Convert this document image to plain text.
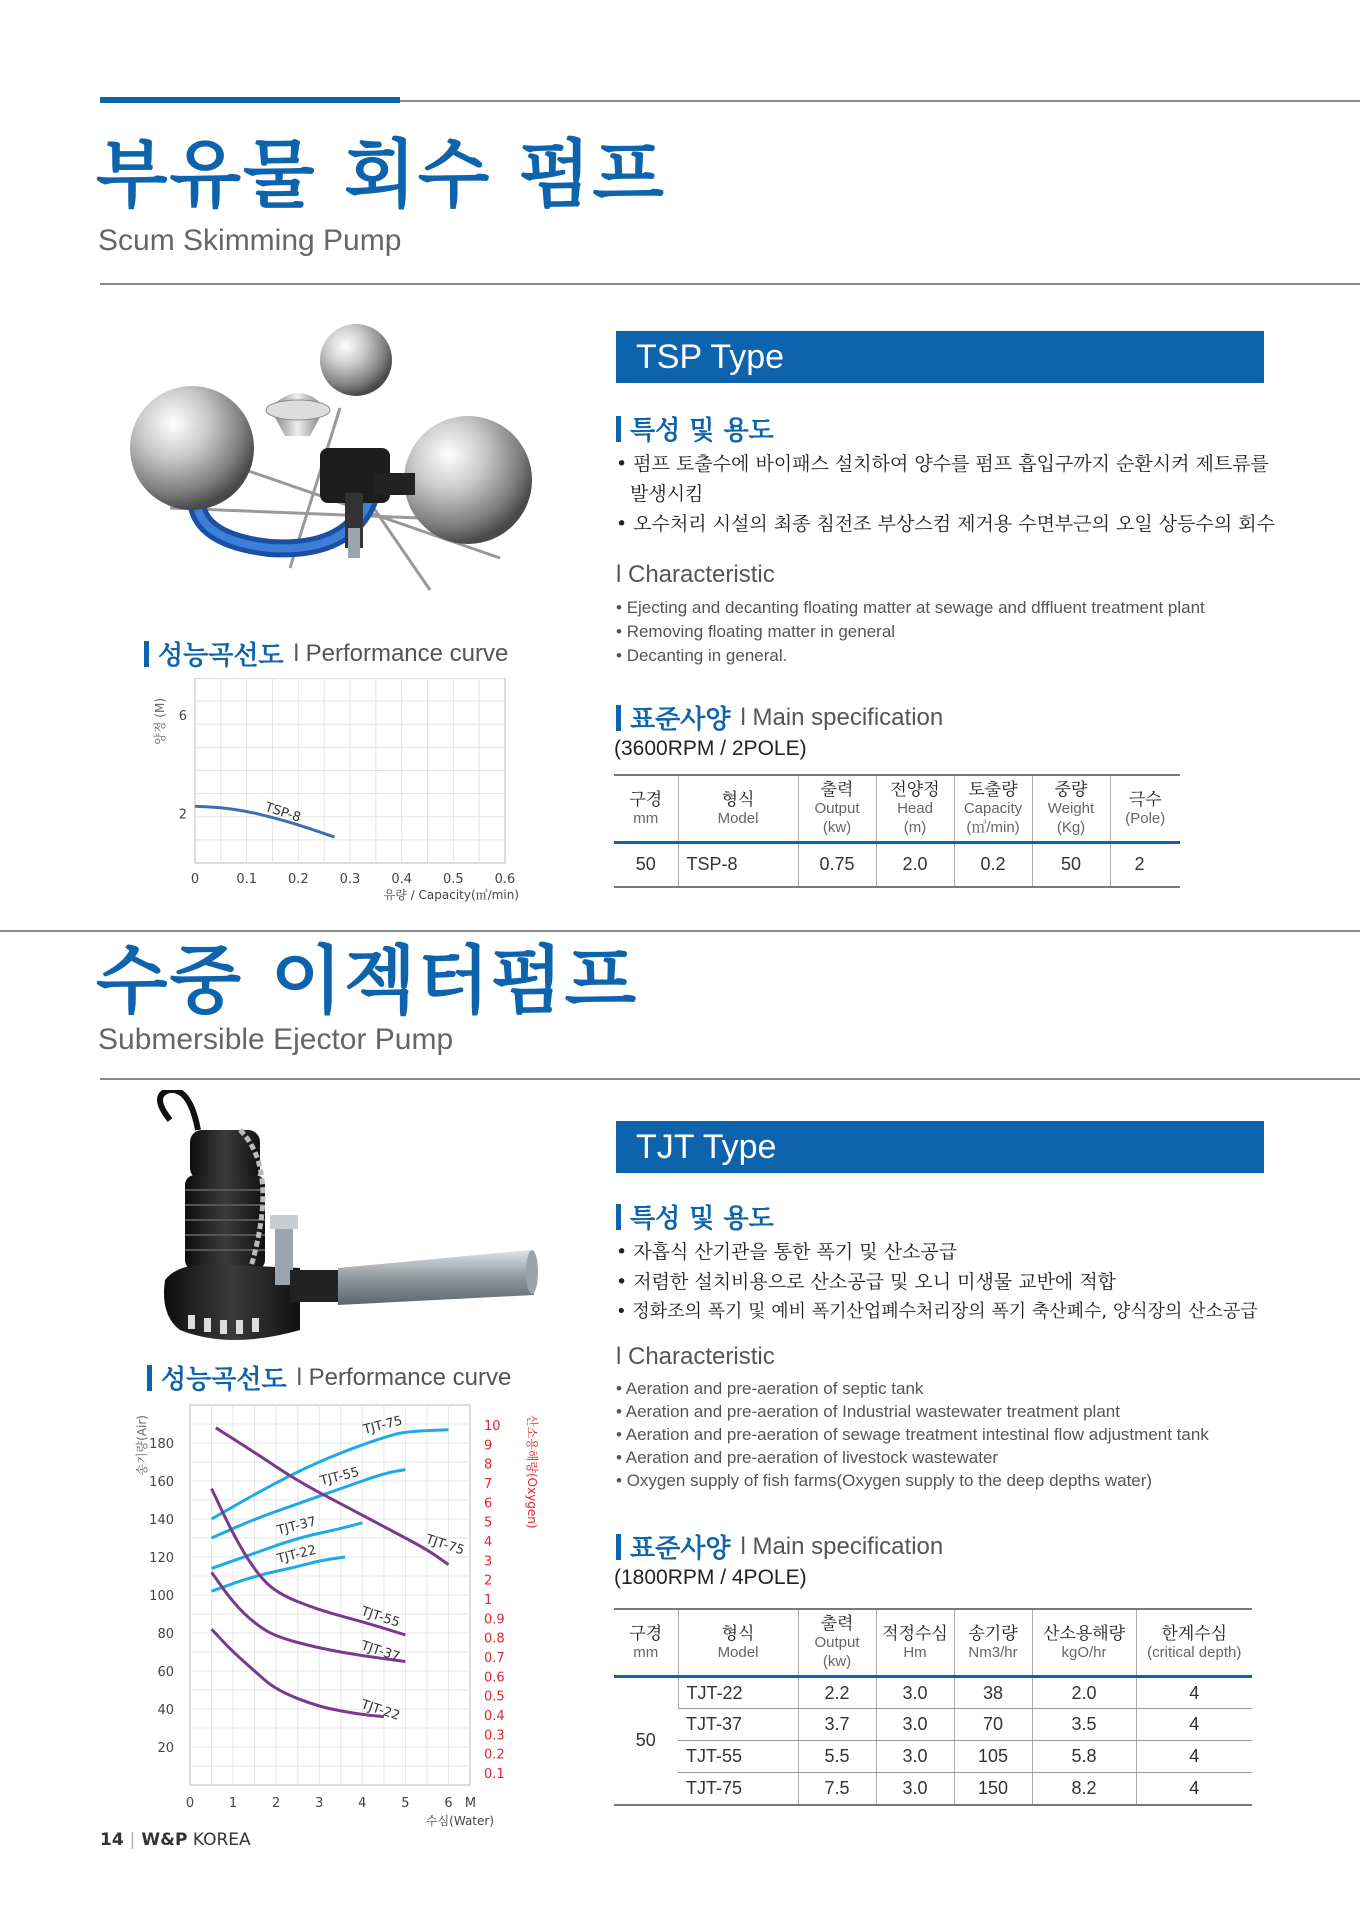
부유물 회수 펌프
Scum Skimming Pump
TSP Type
특성 및 용도
• 펌프 토출수에 바이패스 설치하여 양수를 펌프 흡입구까지 순환시켜 제트류를 발생시킴
• 오수처리 시설의 최종 침전조 부상스컴 제거용 수면부근의 오일 상등수의 회수
l Characteristic
• Ejecting and decanting floating matter at sewage and dffluent treatment plant
• Removing floating matter in general
• Decanting in general.
성능곡선도 l Performance curve
0	0.1 0.2 0.3 0.4 0.5 0.6
2
6
유량 / Capacity(㎥/min)
양정 (M)
TSP-8
표준사양 l Main specification
(3600RPM / 2POLE)
구경
mm	형식
Model	출력
Output
(kw)	전양정
Head
(m)	토출량
Capacity
(㎥/min)	중량
Weight
(Kg)	극수
(Pole)

50	TSP-8	0.75	2.0	0.2	50	2
수중 이젝터펌프
Submersible Ejector Pump
TJT Type
특성 및 용도
• 자흡식 산기관을 통한 폭기 및 산소공급
• 저렴한 설치비용으로 산소공급 및 오니 미생물 교반에 적합
• 정화조의 폭기 및 예비 폭기산업폐수처리장의 폭기 축산폐수, 양식장의 산소공급
l Characteristic
• Aeration and pre-aeration of septic tank
• Aeration and pre-aeration of Industrial wastewater treatment plant
• Aeration and pre-aeration of sewage treatment intestinal flow adjustment tank
• Aeration and pre-aeration of livestock wastewater
• Oxygen supply of fish farms(Oxygen supply to the deep depths water)
성능곡선도 l Performance curve
0	1	2	3	4	5	6 M
수심(Water)
20
40
60
80
100
120
140
160
180
송기량(Air)
0.1
0.2
0.3
0.4
0.5
0.6
0.7
0.8
0.9
1
2
3
4
5
6
7
8
9
10 산소용해량(Oxygen)
TJT-75
TJT-55
TJT-37
TJT-22	TJT-75
TJT-55
TJT-37
TJT-22
표준사양 l Main specification
(1800RPM / 4POLE)
구경
mm	형식
Model	출력
Output
(kw)	적정수심
Hm	송기량
Nm3/hr	산소용해량
kgO/hr	한계수심
(critical depth)

50	TJT-22	2.2	3.0	38	2.0	4
	TJT-37	3.7	3.0	70	3.5	4
	TJT-55	5.5	3.0	105	5.8	4
	TJT-75	7.5	3.0	150	8.2	4
14 | W&P KOREA
